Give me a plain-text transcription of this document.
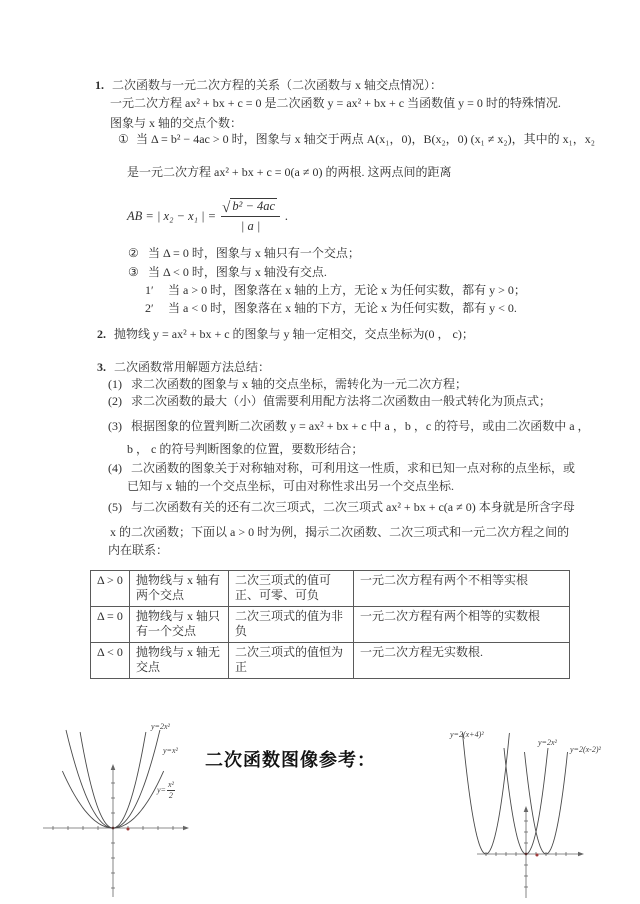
1. 二次函数与一元二次方程的关系（二次函数与 x 轴交点情况）：
一元二次方程 ax² + bx + c = 0 是二次函数 y = ax² + bx + c 当函数值 y = 0 时的特殊情况.
图象与 x 轴的交点个数：
① 当 Δ = b² − 4ac > 0 时，图象与 x 轴交于两点 A(x₁，0)，B(x₂，0) (x₁ ≠ x₂)，其中的 x₁，x₂
是一元二次方程 ax² + bx + c = 0(a ≠ 0) 的两根. 这两点间的距离
AB = | x₂ − x₁ | = $\frac{\text{√ b² − 4ac}}{| a |}$ .
② 当 Δ = 0 时，图象与 x 轴只有一个交点；
③ 当 Δ < 0 时，图象与 x 轴没有交点.
1′ 当 a > 0 时，图象落在 x 轴的上方，无论 x 为任何实数，都有 y > 0；
2′ 当 a < 0 时，图象落在 x 轴的下方，无论 x 为任何实数，都有 y < 0.
2. 抛物线 y = ax² + bx + c 的图象与 y 轴一定相交，交点坐标为(0 ， c)；
3. 二次函数常用解题方法总结：
(1) 求二次函数的图象与 x 轴的交点坐标，需转化为一元二次方程；
(2) 求二次函数的最大（小）值需要利用配方法将二次函数由一般式转化为顶点式；
(3) 根据图象的位置判断二次函数 y = ax² + bx + c 中 a ，b ，c 的符号，或由二次函数中 a ，
b ， c 的符号判断图象的位置，要数形结合；
(4) 二次函数的图象关于对称轴对称，可利用这一性质，求和已知一点对称的点坐标，或
已知与 x 轴的一个交点坐标，可由对称性求出另一个交点坐标.
(5) 与二次函数有关的还有二次三项式，二次三项式 ax² + bx + c(a ≠ 0) 本身就是所含字母
x 的二次函数；下面以 a > 0 时为例，揭示二次函数、二次三项式和一元二次方程之间的
内在联系：
Δ > 0	抛物线与 x 轴有两个交点	二次三项式的值可正、可零、可负	一元二次方程有两个不相等实根
Δ = 0	抛物线与 x 轴只有一个交点	二次三项式的值为非负	一元二次方程有两个相等的实数根
Δ < 0	抛物线与 x 轴无交点	二次三项式的值恒为正	一元二次方程无实数根.
二次函数图像参考：
y=2x²
y=x²
$y= \frac{\text{x²}}{2}$
y=2(x+4)²
y=2x²
y=2(x-2)²
